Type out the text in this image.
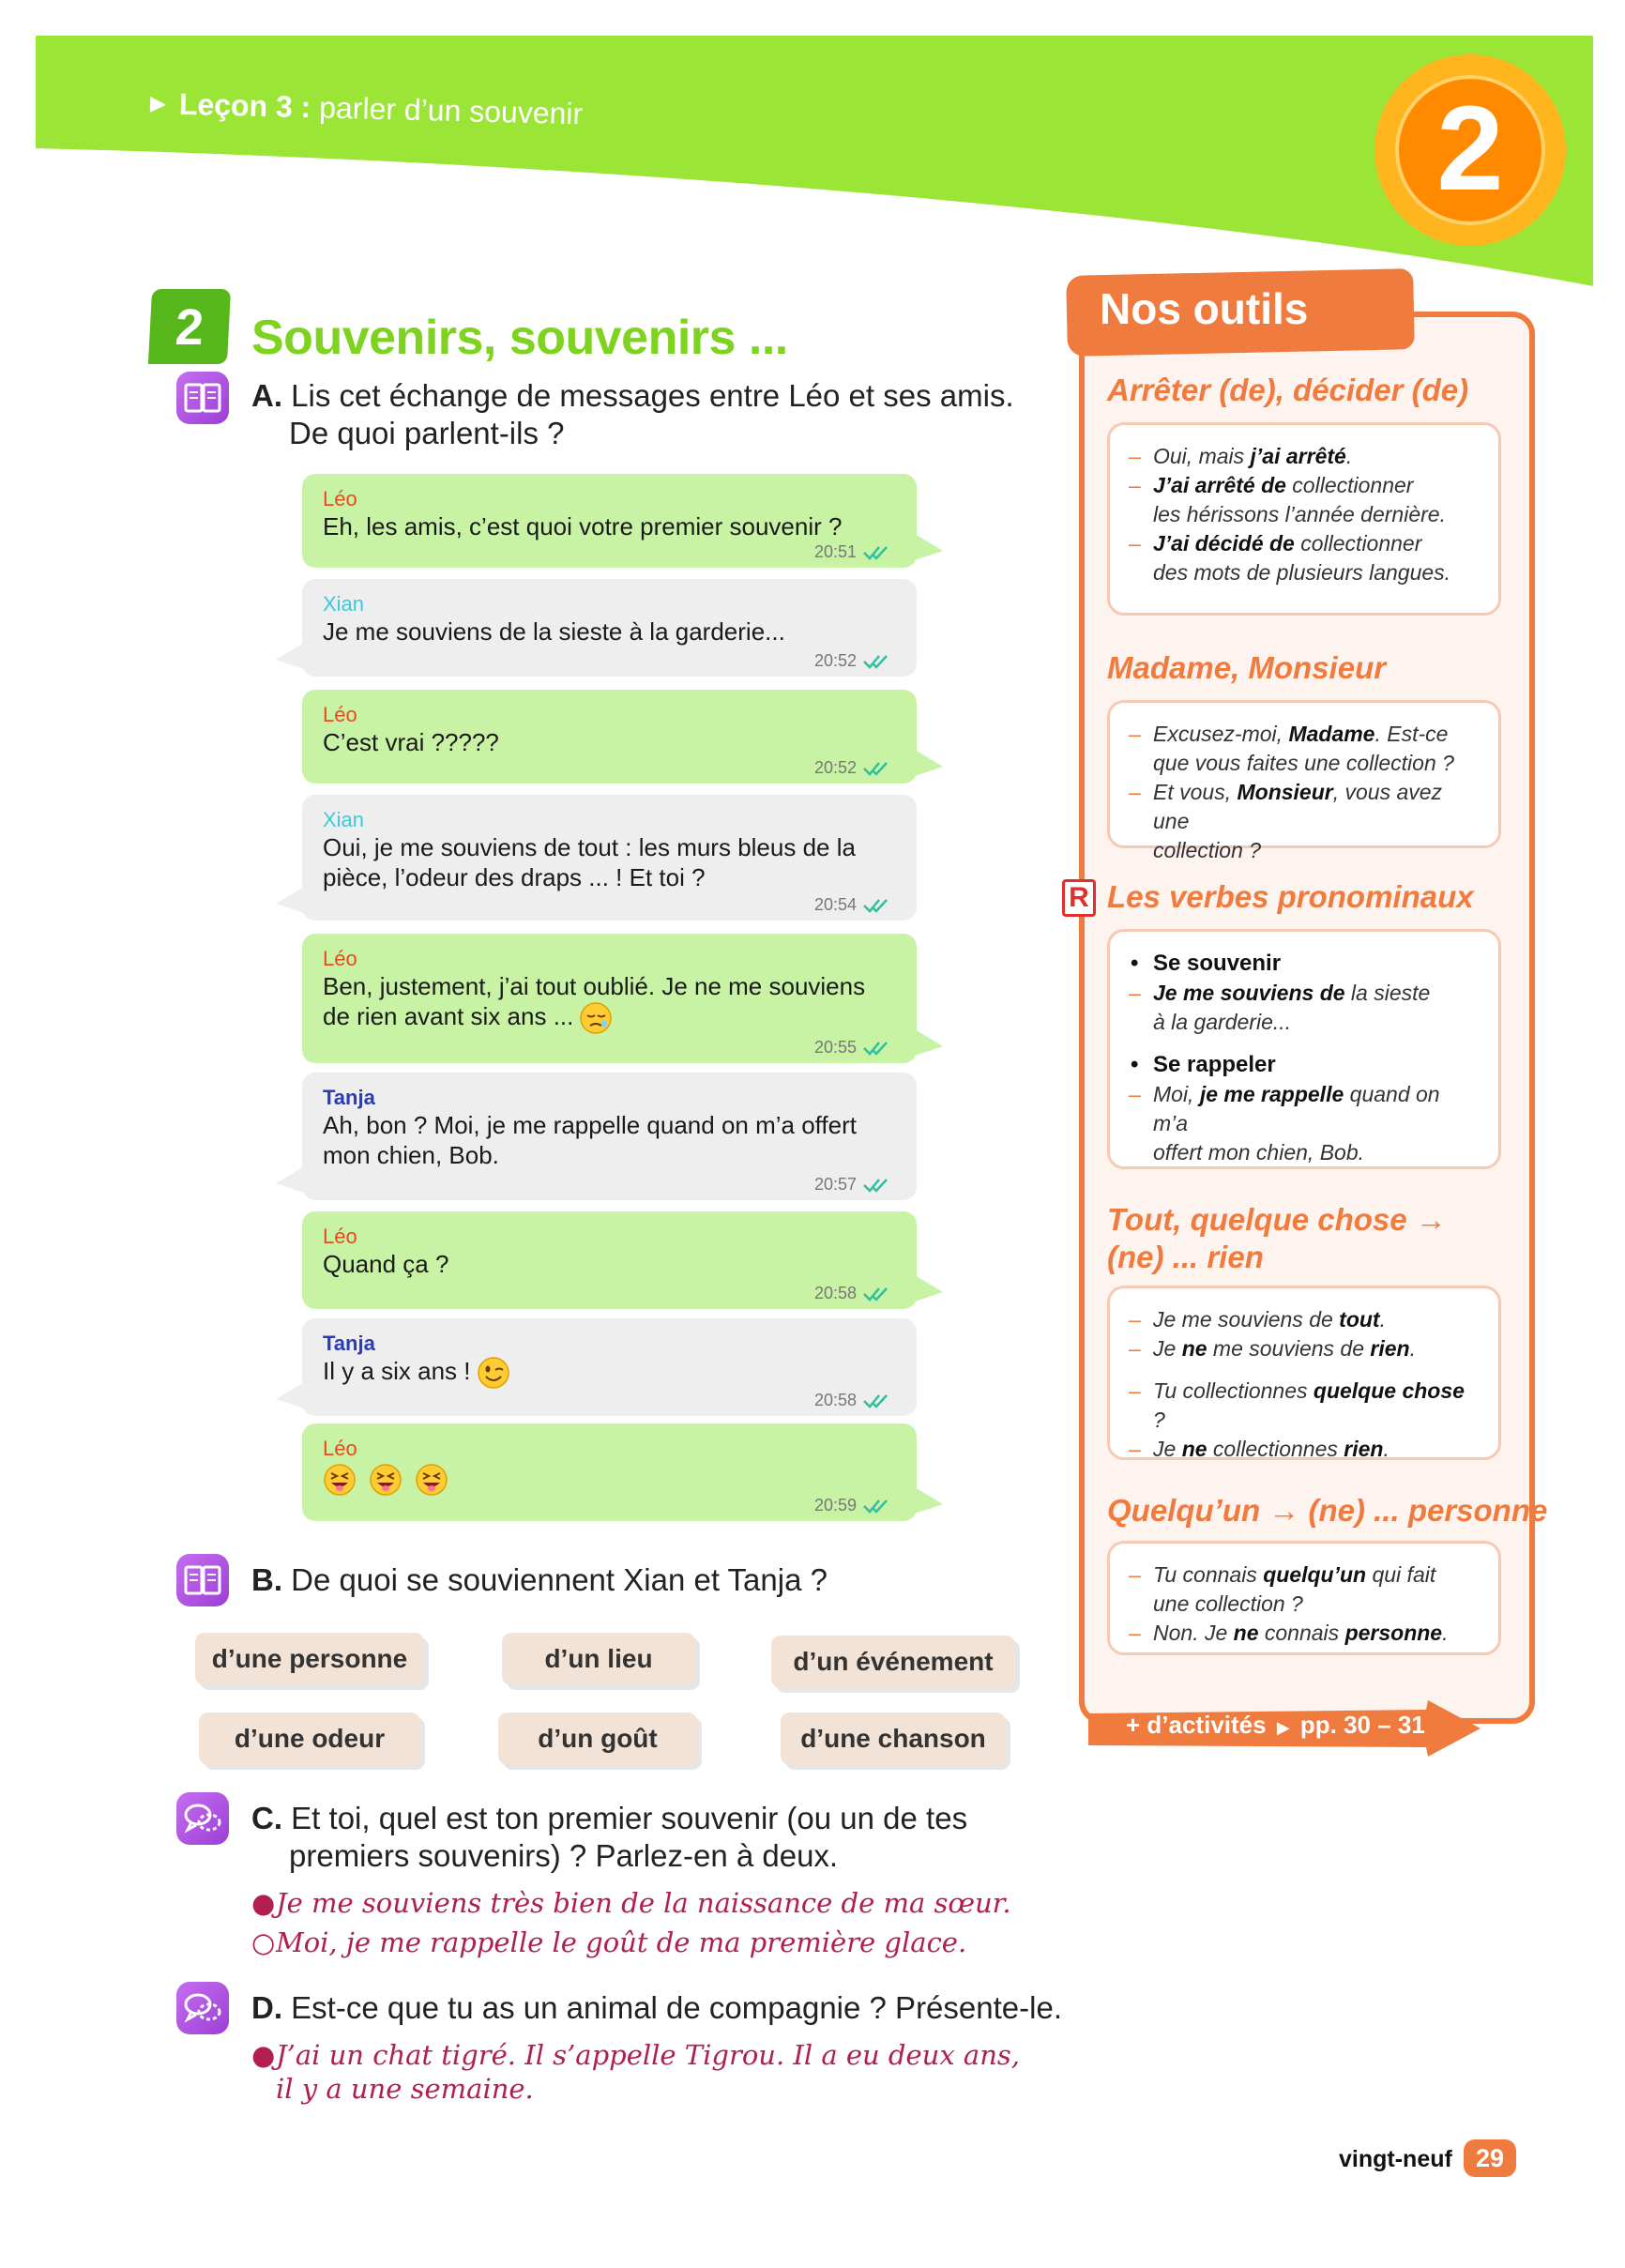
▶ Leçon 3 : parler d’un souvenir	2
2 Souvenirs, souvenirs ...
A. Lis cet échange de messages entre Léo et ses amis.
De quoi parlent-ils ?
Léo
Eh, les amis, c’est quoi votre premier souvenir ?
20:51
Xian
Je me souviens de la sieste à la garderie...
20:52
Léo
C’est vrai ?????
20:52
Xian
Oui, je me souviens de tout : les murs bleus de la
pièce, l’odeur des draps ... ! Et toi ?
20:54
Léo
Ben, justement, j’ai tout oublié. Je ne me souviens
de rien avant six ans ...
20:55
Tanja
Ah, bon ? Moi, je me rappelle quand on m’a offert
mon chien, Bob.
20:57
Léo
Quand ça ?
20:58
Tanja
Il y a six ans !
20:58
Léo

20:59
B. De quoi se souviennent Xian et Tanja ?
d’une personne	d’un lieu	d’un événement
d’une odeur	d’un goût	d’une chanson
C. Et toi, quel est ton premier souvenir (ou un de tes
premiers souvenirs) ? Parlez-en à deux.
●Je me souviens très bien de la naissance de ma sœur.
○Moi, je me rappelle le goût de ma première glace.
D. Est-ce que tu as un animal de compagnie ? Présente-le.
●J’ai un chat tigré. Il s’appelle Tigrou. Il a eu deux ans,
il y a une semaine.
Nos outils
Arrêter (de), décider (de)
– Oui, mais j’ai arrêté.
– J’ai arrêté de collectionner
les hérissons l’année dernière.
– J’ai décidé de collectionner
des mots de plusieurs langues.
Madame, Monsieur
– Excusez-moi, Madame. Est-ce
que vous faites une collection ?
– Et vous, Monsieur, vous avez une
collection ?
R Les verbes pronominaux
• Se souvenir
– Je me souviens de la sieste
à la garderie...
• Se rappeler
– Moi, je me rappelle quand on m’a
offert mon chien, Bob.
Tout, quelque chose →
(ne) ... rien
– Je me souviens de tout.
– Je ne me souviens de rien.
– Tu collectionnes quelque chose ?
– Je ne collectionnes rien.
Quelqu’un → (ne) ... personne
– Tu connais quelqu’un qui fait
une collection ?
– Non. Je ne connais personne.
+ d’activités ▶ pp. 30 – 31
vingt-neuf 29
